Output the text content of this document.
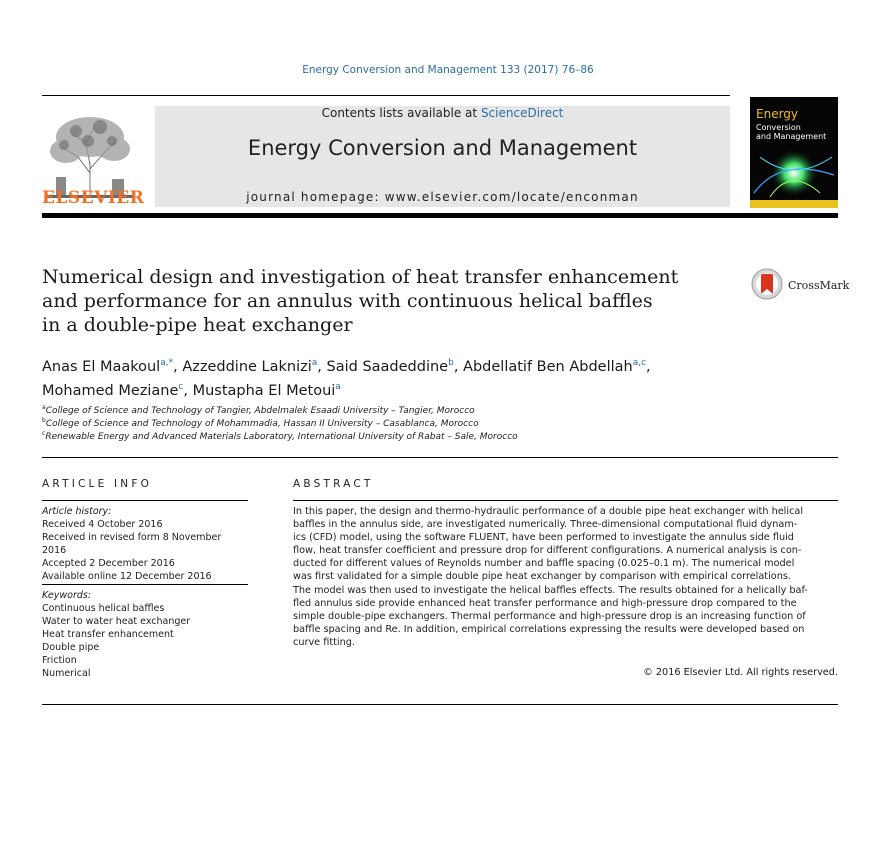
Energy Conversion and Management 133 (2017) 76–86
ELSEVIER
Contents lists available at ScienceDirect
Energy Conversion and Management
journal homepage: www.elsevier.com/locate/enconman
Energy
Conversion
and Management
Numerical design and investigation of heat transfer enhancement
and performance for an annulus with continuous helical baffles
in a double-pipe heat exchanger
CrossMark
Anas El Maakoul$^{a,*}$, Azzeddine Laknizi$^a$, Said Saadeddine$^b$, Abdellatif Ben Abdellah$^{a,c}$,
Mohamed Meziane$^c$, Mustapha El Metoui$^a$
$^a$College of Science and Technology of Tangier, Abdelmalek Esaadi University – Tangier, Morocco
$^b$College of Science and Technology of Mohammadia, Hassan II University – Casablanca, Morocco
$^c$Renewable Energy and Advanced Materials Laboratory, International University of Rabat – Sale, Morocco
ARTICLE INFO	ABSTRACT
Article history:
Received 4 October 2016
Received in revised form 8 November 2016
Accepted 2 December 2016
Available online 12 December 2016
Keywords:
Continuous helical baffles
Water to water heat exchanger
Heat transfer enhancement
Double pipe
Friction
Numerical
In this paper, the design and thermo-hydraulic performance of a double pipe heat exchanger with helical
baffles in the annulus side, are investigated numerically. Three-dimensional computational fluid dynam-
ics (CFD) model, using the software FLUENT, have been performed to investigate the annulus side fluid
flow, heat transfer coefficient and pressure drop for different configurations. A numerical analysis is con-
ducted for different values of Reynolds number and baffle spacing (0.025–0.1 m). The numerical model
was first validated for a simple double pipe heat exchanger by comparison with empirical correlations.
The model was then used to investigate the helical baffles effects. The results obtained for a helically baf-
fled annulus side provide enhanced heat transfer performance and high-pressure drop compared to the
simple double-pipe exchangers. Thermal performance and high-pressure drop is an increasing function of
baffle spacing and Re. In addition, empirical correlations expressing the results were developed based on
curve fitting.
© 2016 Elsevier Ltd. All rights reserved.
